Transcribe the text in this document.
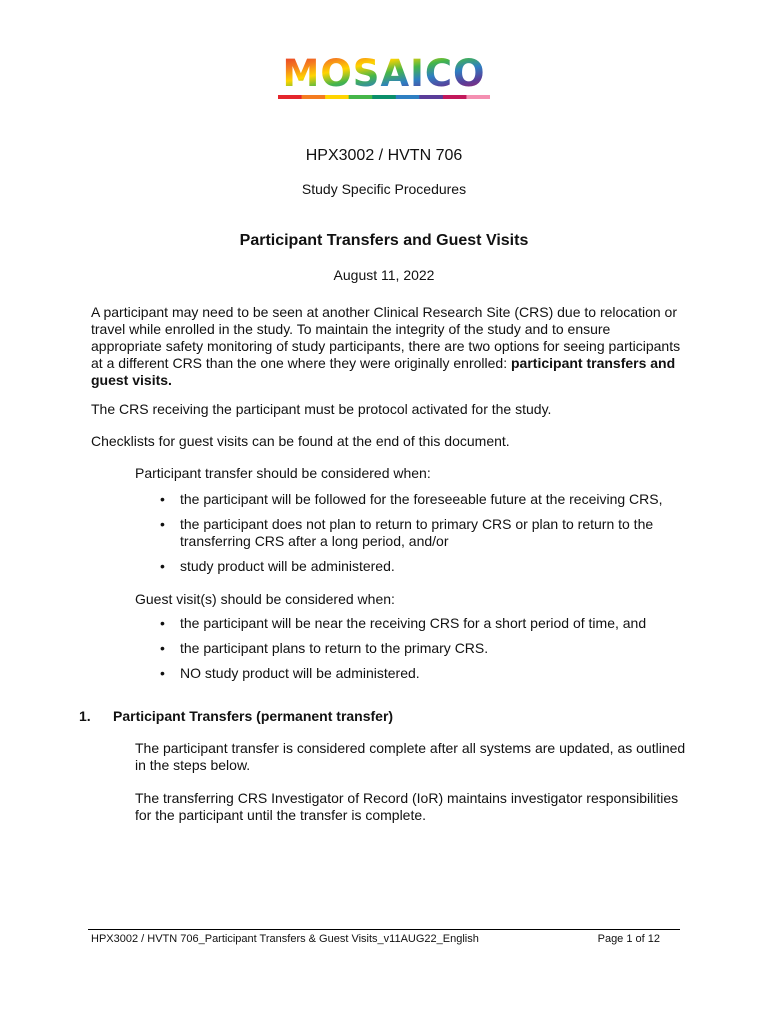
MOSAICO
HPX3002 / HVTN 706
Study Specific Procedures
Participant Transfers and Guest Visits
August 11, 2022
A participant may need to be seen at another Clinical Research Site (CRS) due to relocation or travel while enrolled in the study. To maintain the integrity of the study and to ensure appropriate safety monitoring of study participants, there are two options for seeing participants at a different CRS than the one where they were originally enrolled: participant transfers and guest visits.
The CRS receiving the participant must be protocol activated for the study.
Checklists for guest visits can be found at the end of this document.
Participant transfer should be considered when:
• the participant will be followed for the foreseeable future at the receiving CRS,
• the participant does not plan to return to primary CRS or plan to return to the transferring CRS after a long period, and/or
• study product will be administered.
Guest visit(s) should be considered when:
• the participant will be near the receiving CRS for a short period of time, and
• the participant plans to return to the primary CRS.
• NO study product will be administered.
1. Participant Transfers (permanent transfer)
The participant transfer is considered complete after all systems are updated, as outlined in the steps below.
The transferring CRS Investigator of Record (IoR) maintains investigator responsibilities for the participant until the transfer is complete.
HPX3002 / HVTN 706_Participant Transfers & Guest Visits_v11AUG22_English	Page 1 of 12
